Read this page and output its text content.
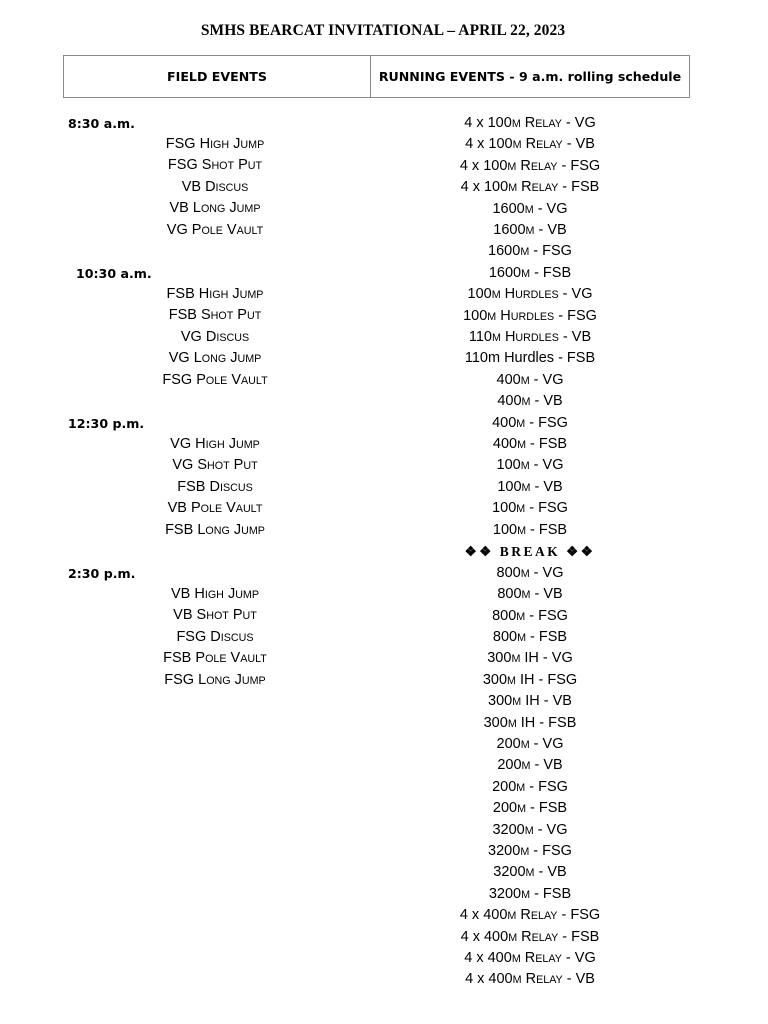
SMHS BEARCAT INVITATIONAL – APRIL 22, 2023
FIELD EVENTS	RUNNING EVENTS - 9 a.m. rolling schedule
8:30 a.m.
FSG HIGH JUMP
FSG SHOT PUT
VB DISCUS
VB LONG JUMP
VG POLE VAULT
10:30 a.m.
FSB HIGH JUMP
FSB SHOT PUT
VG DISCUS
VG LONG JUMP
FSG POLE VAULT
12:30 p.m.
VG HIGH JUMP
VG SHOT PUT
FSB DISCUS
VB POLE VAULT
FSB LONG JUMP
2:30 p.m.
VB HIGH JUMP
VB SHOT PUT
FSG DISCUS
FSB POLE VAULT
FSG LONG JUMP
4 x 100M RELAY - VG
4 x 100M RELAY - VB
4 x 100M RELAY - FSG
4 x 100M RELAY - FSB
1600M - VG
1600M - VB
1600M - FSG
1600M - FSB
100M HURDLES - VG
100M HURDLES - FSG
110M HURDLES - VB
110m Hurdles - FSB
400M - VG
400M - VB
400M - FSG
400M - FSB
100M - VG
100M - VB
100M - FSG
100M - FSB
❖❖ BREAK ❖❖
800M - VG
800M - VB
800M - FSG
800M - FSB
300M IH - VG
300M IH - FSG
300M IH - VB
300M IH - FSB
200M - VG
200M - VB
200M - FSG
200M - FSB
3200M - VG
3200M - FSG
3200M - VB
3200M - FSB
4 x 400M RELAY - FSG
4 x 400M RELAY - FSB
4 x 400M RELAY - VG
4 x 400M RELAY - VB
